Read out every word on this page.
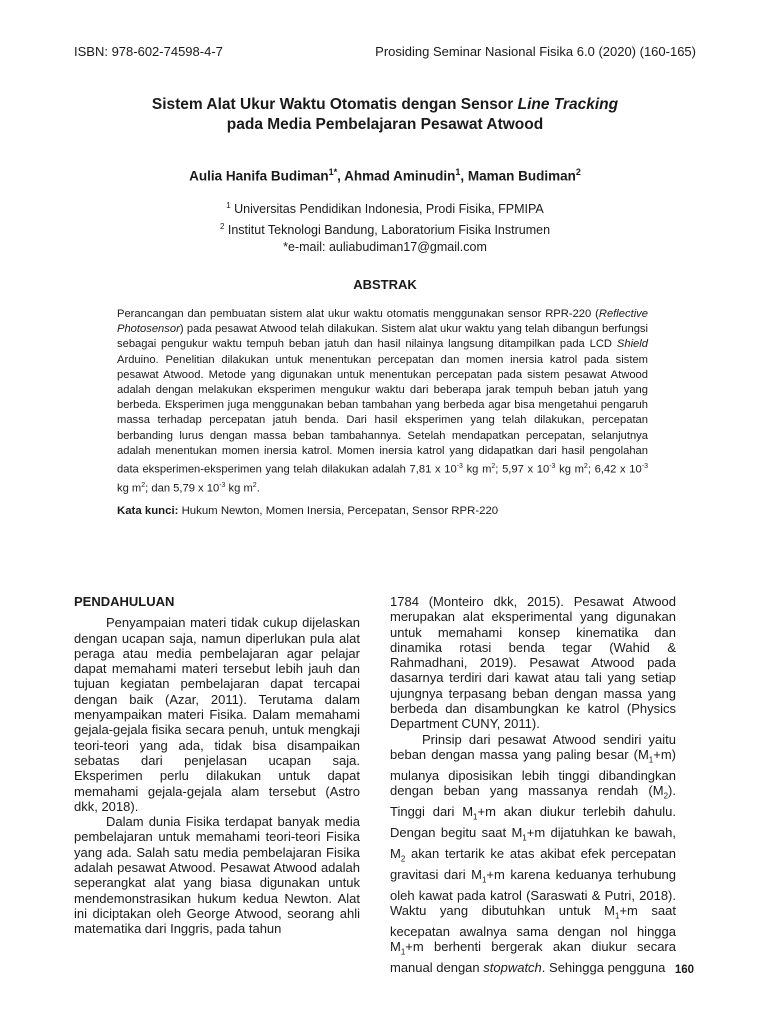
ISBN: 978-602-74598-4-7	Prosiding Seminar Nasional Fisika 6.0 (2020) (160-165)
Sistem Alat Ukur Waktu Otomatis dengan Sensor Line Tracking
pada Media Pembelajaran Pesawat Atwood
Aulia Hanifa Budiman$^{1*}$, Ahmad Aminudin$^1$, Maman Budiman$^2$
$^1$ Universitas Pendidikan Indonesia, Prodi Fisika, FPMIPA
$^2$ Institut Teknologi Bandung, Laboratorium Fisika Instrumen
*e-mail: auliabudiman17@gmail.com
ABSTRAK
Perancangan dan pembuatan sistem alat ukur waktu otomatis menggunakan sensor RPR-220 (Reflective Photosensor) pada pesawat Atwood telah dilakukan. Sistem alat ukur waktu yang telah dibangun berfungsi sebagai pengukur waktu tempuh beban jatuh dan hasil nilainya langsung ditampilkan pada LCD Shield Arduino. Penelitian dilakukan untuk menentukan percepatan dan momen inersia katrol pada sistem pesawat Atwood. Metode yang digunakan untuk menentukan percepatan pada sistem pesawat Atwood adalah dengan melakukan eksperimen mengukur waktu dari beberapa jarak tempuh beban jatuh yang berbeda. Eksperimen juga menggunakan beban tambahan yang berbeda agar bisa mengetahui pengaruh massa terhadap percepatan jatuh benda. Dari hasil eksperimen yang telah dilakukan, percepatan berbanding lurus dengan massa beban tambahannya. Setelah mendapatkan percepatan, selanjutnya adalah menentukan momen inersia katrol. Momen inersia katrol yang didapatkan dari hasil pengolahan data eksperimen-eksperimen yang telah dilakukan adalah 7,81 x $10^{-3}$ kg $m^2$; 5,97 x $10^{-3}$ kg $m^2$; 6,42 x $10^{-3}$ kg $m^2$; dan 5,79 x $10^{-3}$ kg $m^2$.
Kata kunci: Hukum Newton, Momen Inersia, Percepatan, Sensor RPR-220
PENDAHULUAN

Penyampaian materi tidak cukup dijelaskan dengan ucapan saja, namun diperlukan pula alat peraga atau media pembelajaran agar pelajar dapat memahami materi tersebut lebih jauh dan tujuan kegiatan pembelajaran dapat tercapai dengan baik (Azar, 2011). Terutama dalam menyampaikan materi Fisika. Dalam memahami gejala-gejala fisika secara penuh, untuk mengkaji teori-teori yang ada, tidak bisa disampaikan sebatas dari penjelasan ucapan saja. Eksperimen perlu dilakukan untuk dapat memahami gejala-gejala alam tersebut (Astro dkk, 2018).

Dalam dunia Fisika terdapat banyak media pembelajaran untuk memahami teori-teori Fisika yang ada. Salah satu media pembelajaran Fisika adalah pesawat Atwood. Pesawat Atwood adalah seperangkat alat yang biasa digunakan untuk mendemonstrasikan hukum kedua Newton. Alat ini diciptakan oleh George Atwood, seorang ahli matematika dari Inggris, pada tahun

1784 (Monteiro dkk, 2015). Pesawat Atwood merupakan alat eksperimental yang digunakan untuk memahami konsep kinematika dan dinamika rotasi benda tegar (Wahid & Rahmadhani, 2019). Pesawat Atwood pada dasarnya terdiri dari kawat atau tali yang setiap ujungnya terpasang beban dengan massa yang berbeda dan disambungkan ke katrol (Physics Department CUNY, 2011).

Prinsip dari pesawat Atwood sendiri yaitu beban dengan massa yang paling besar $(M_1+m)$ mulanya diposisikan lebih tinggi dibandingkan dengan beban yang massanya rendah $(M_2)$. Tinggi dari $M_1+m$ akan diukur terlebih dahulu. Dengan begitu saat $M_1+m$ dijatuhkan ke bawah, $M_2$ akan tertarik ke atas akibat efek percepatan gravitasi dari $M_1+m$ karena keduanya terhubung oleh kawat pada katrol (Saraswati & Putri, 2018). Waktu yang dibutuhkan untuk $M_1+m$ saat kecepatan awalnya sama dengan nol hingga $M_1+m$ berhenti bergerak akan diukur secara manual dengan stopwatch. Sehingga pengguna 160
